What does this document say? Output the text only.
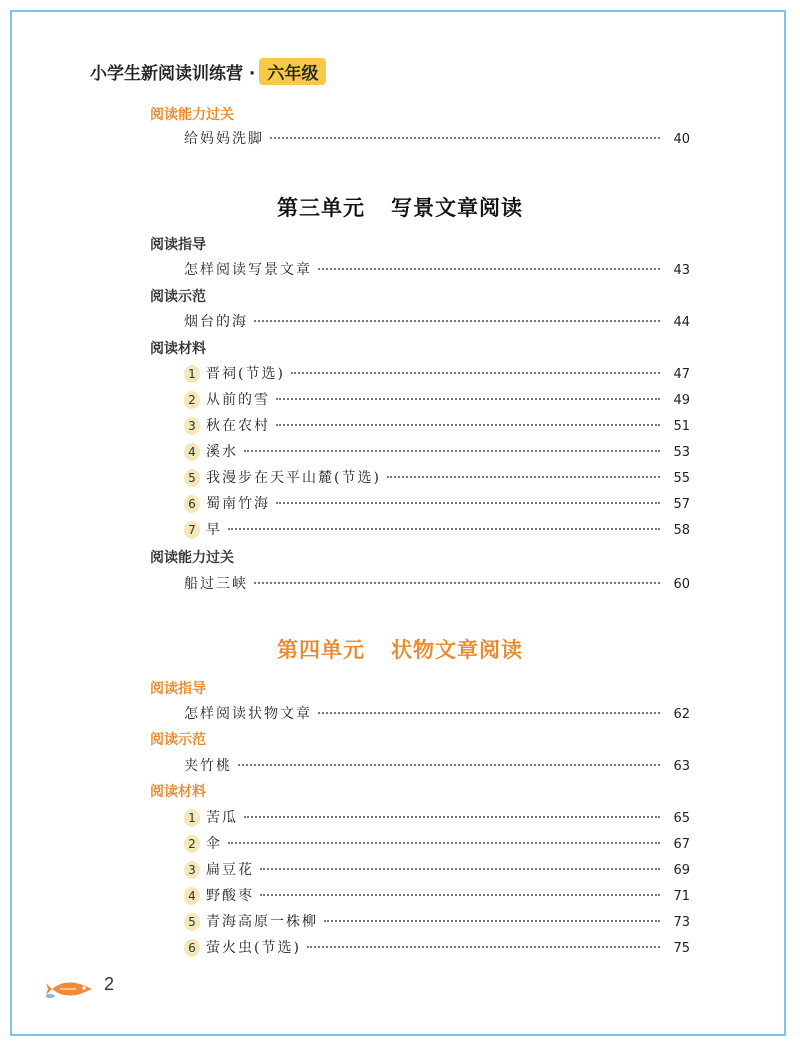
小学生新阅读训练营 · 六年级
阅读能力过关
给妈妈洗脚	40
第三单元 写景文章阅读
阅读指导
怎样阅读写景文章	43
阅读示范
烟台的海	44
阅读材料
1 晋祠(节选)	47
2 从前的雪	49
3 秋在农村	51
4 溪水	53
5 我漫步在天平山麓(节选)	55
6 蜀南竹海	57
7 早	58
阅读能力过关
船过三峡	60
第四单元 状物文章阅读
阅读指导
怎样阅读状物文章	62
阅读示范
夹竹桃	63
阅读材料
1 苦瓜	65
2 伞	67
3 扁豆花	69
4 野酸枣	71
5 青海高原一株柳	73
6 萤火虫(节选)	75
2
